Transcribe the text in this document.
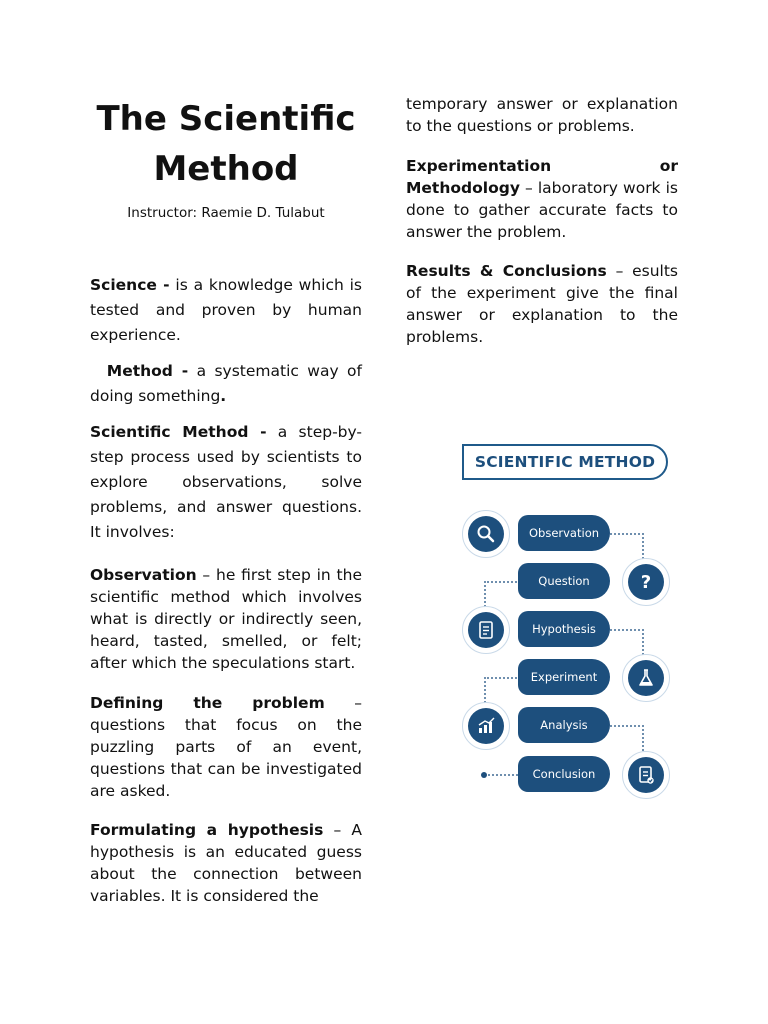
The Scientific
Method
Instructor: Raemie D. Tulabut

Science - is a knowledge which is tested and proven by human experience.

Method - a systematic way of doing something.

Scientific Method - a step-by-step process used by scientists to explore observations, solve problems, and answer questions. It involves:

Observation – he first step in the scientific method which involves what is directly or indirectly seen, heard, tasted, smelled, or felt; after which the speculations start.

Defining the problem – questions that focus on the puzzling parts of an event, questions that can be investigated are asked.

Formulating a hypothesis – A hypothesis is an educated guess about the connection between variables. It is considered the

temporary answer or explanation to the questions or problems.

Experimentation or Methodology – laboratory work is done to gather accurate facts to answer the problem.

Results & Conclusions – esults of the experiment give the final answer or explanation to the problems.

SCIENTIFIC METHOD
Observation
Question
Hypothesis
Experiment
Analysis
Conclusion
?
